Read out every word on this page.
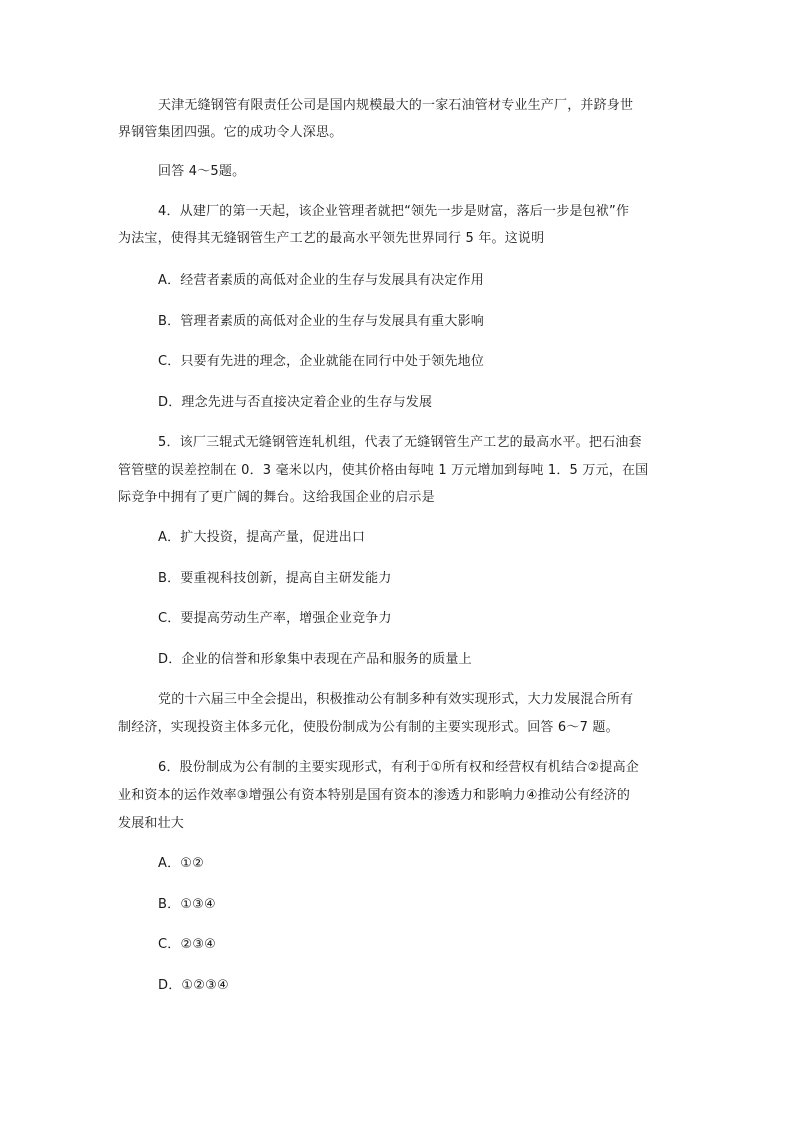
天津无缝钢管有限责任公司是国内规模最大的一家石油管材专业生产厂，并跻身世
界钢管集团四强。它的成功令人深思。
回答 4～5题。
4．从建厂的第一天起，该企业管理者就把“领先一步是财富，落后一步是包袱”作
为法宝，使得其无缝钢管生产工艺的最高水平领先世界同行 5 年。这说明
A．经营者素质的高低对企业的生存与发展具有决定作用
B．管理者素质的高低对企业的生存与发展具有重大影响
C．只要有先进的理念，企业就能在同行中处于领先地位
D．理念先进与否直接决定着企业的生存与发展
5．该厂三辊式无缝钢管连轧机组，代表了无缝钢管生产工艺的最高水平。把石油套
管管壁的误差控制在 0．3 毫米以内，使其价格由每吨 1 万元增加到每吨 1．5 万元，在国
际竞争中拥有了更广阔的舞台。这给我国企业的启示是
A．扩大投资，提高产量，促进出口
B．要重视科技创新，提高自主研发能力
C．要提高劳动生产率，增强企业竞争力
D．企业的信誉和形象集中表现在产品和服务的质量上
党的十六届三中全会提出，积极推动公有制多种有效实现形式，大力发展混合所有
制经济，实现投资主体多元化，使股份制成为公有制的主要实现形式。回答 6～7 题。
6．股份制成为公有制的主要实现形式，有利于①所有权和经营权有机结合②提高企
业和资本的运作效率③增强公有资本特别是国有资本的渗透力和影响力④推动公有经济的
发展和壮大
A．①②
B．①③④
C．②③④
D．①②③④
